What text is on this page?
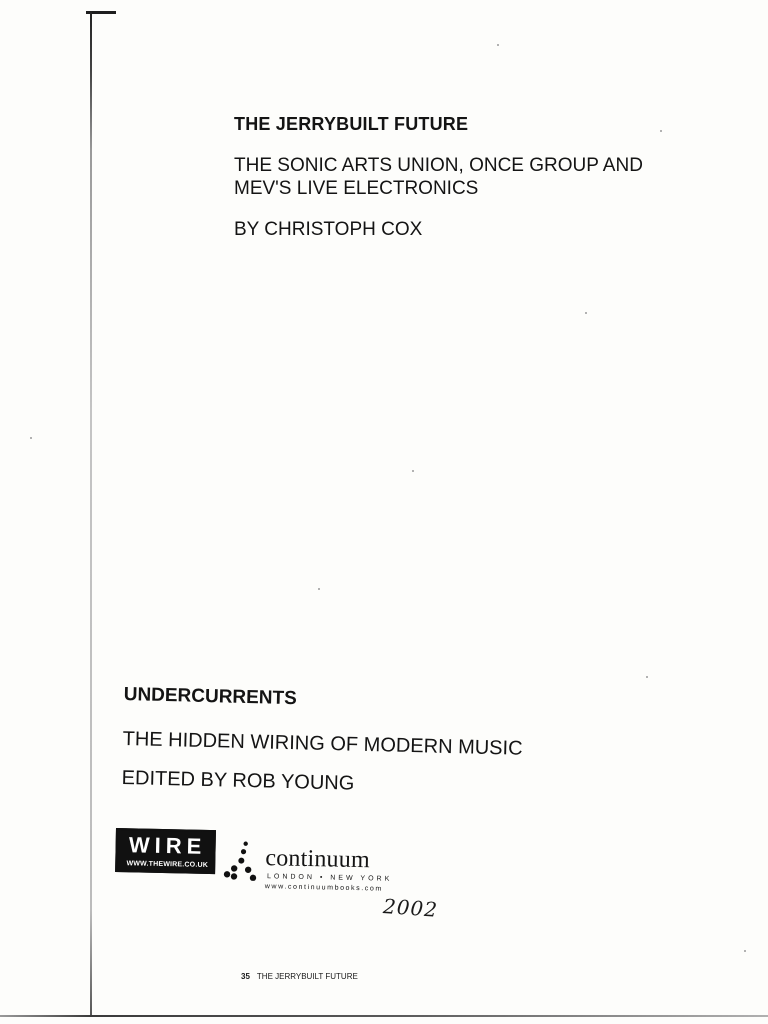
THE JERRYBUILT FUTURE
THE SONIC ARTS UNION, ONCE GROUP AND
MEV'S LIVE ELECTRONICS
BY CHRISTOPH COX
UNDERCURRENTS
THE HIDDEN WIRING OF MODERN MUSIC
EDITED BY ROB YOUNG
WIRE
WWW.THEWIRE.CO.UK	continuum
LONDON • NEW YORK
www.continuumbooks.com
2002
35 THE JERRYBUILT FUTURE
